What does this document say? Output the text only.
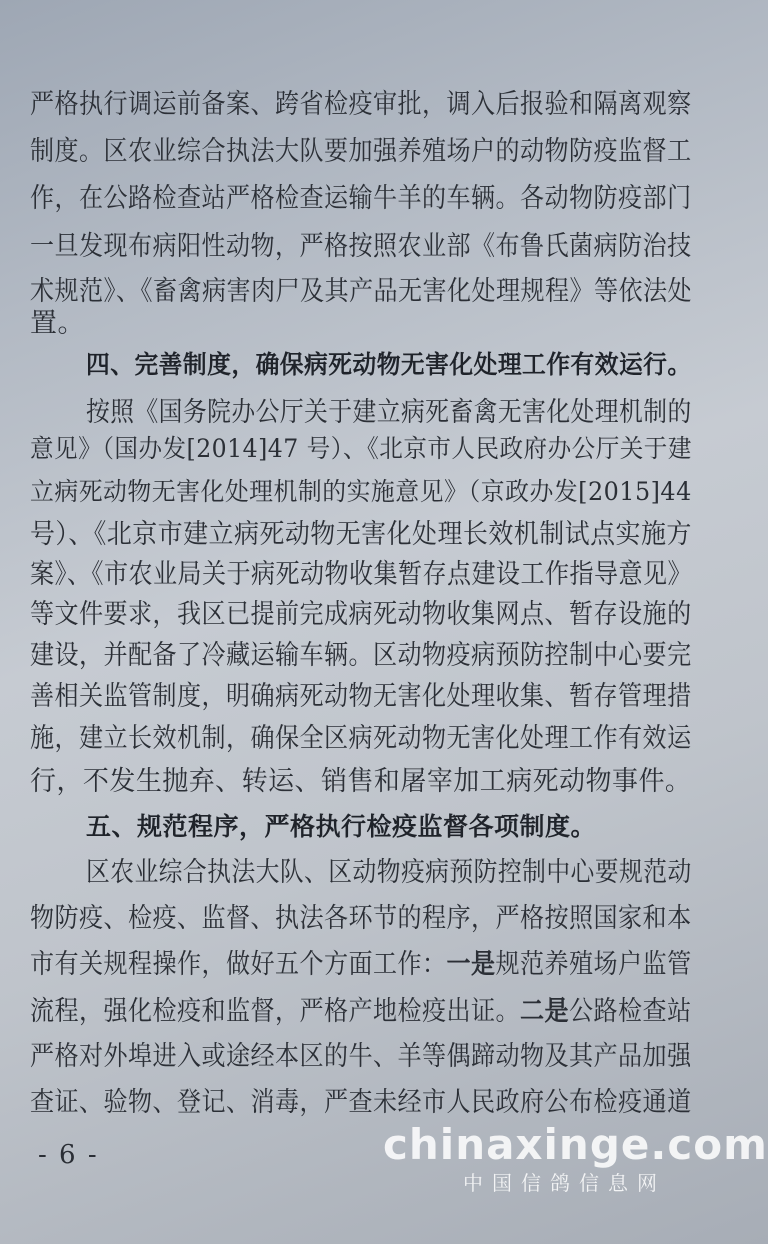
严格执行调运前备案、跨省检疫审批，调入后报验和隔离观察
制度。区农业综合执法大队要加强养殖场户的动物防疫监督工
作，在公路检查站严格检查运输牛羊的车辆。各动物防疫部门
一旦发现布病阳性动物，严格按照农业部《布鲁氏菌病防治技
术规范》、《畜禽病害肉尸及其产品无害化处理规程》等依法处
置。
四、完善制度，确保病死动物无害化处理工作有效运行。
按照《国务院办公厅关于建立病死畜禽无害化处理机制的
意见》（国办发[2014]47 号）、《北京市人民政府办公厅关于建
立病死动物无害化处理机制的实施意见》（京政办发[2015]44
号）、《北京市建立病死动物无害化处理长效机制试点实施方
案》、《市农业局关于病死动物收集暂存点建设工作指导意见》
等文件要求，我区已提前完成病死动物收集网点、暂存设施的
建设，并配备了冷藏运输车辆。区动物疫病预防控制中心要完
善相关监管制度，明确病死动物无害化处理收集、暂存管理措
施，建立长效机制，确保全区病死动物无害化处理工作有效运
行，不发生抛弃、转运、销售和屠宰加工病死动物事件。
五、规范程序，严格执行检疫监督各项制度。
区农业综合执法大队、区动物疫病预防控制中心要规范动
物防疫、检疫、监督、执法各环节的程序，严格按照国家和本
市有关规程操作，做好五个方面工作：一是规范养殖场户监管
流程，强化检疫和监督，严格产地检疫出证。二是公路检查站
严格对外埠进入或途经本区的牛、羊等偶蹄动物及其产品加强
查证、验物、登记、消毒，严查未经市人民政府公布检疫通道
- 6 -	chinaxinge.com
中国信鸽信息网
